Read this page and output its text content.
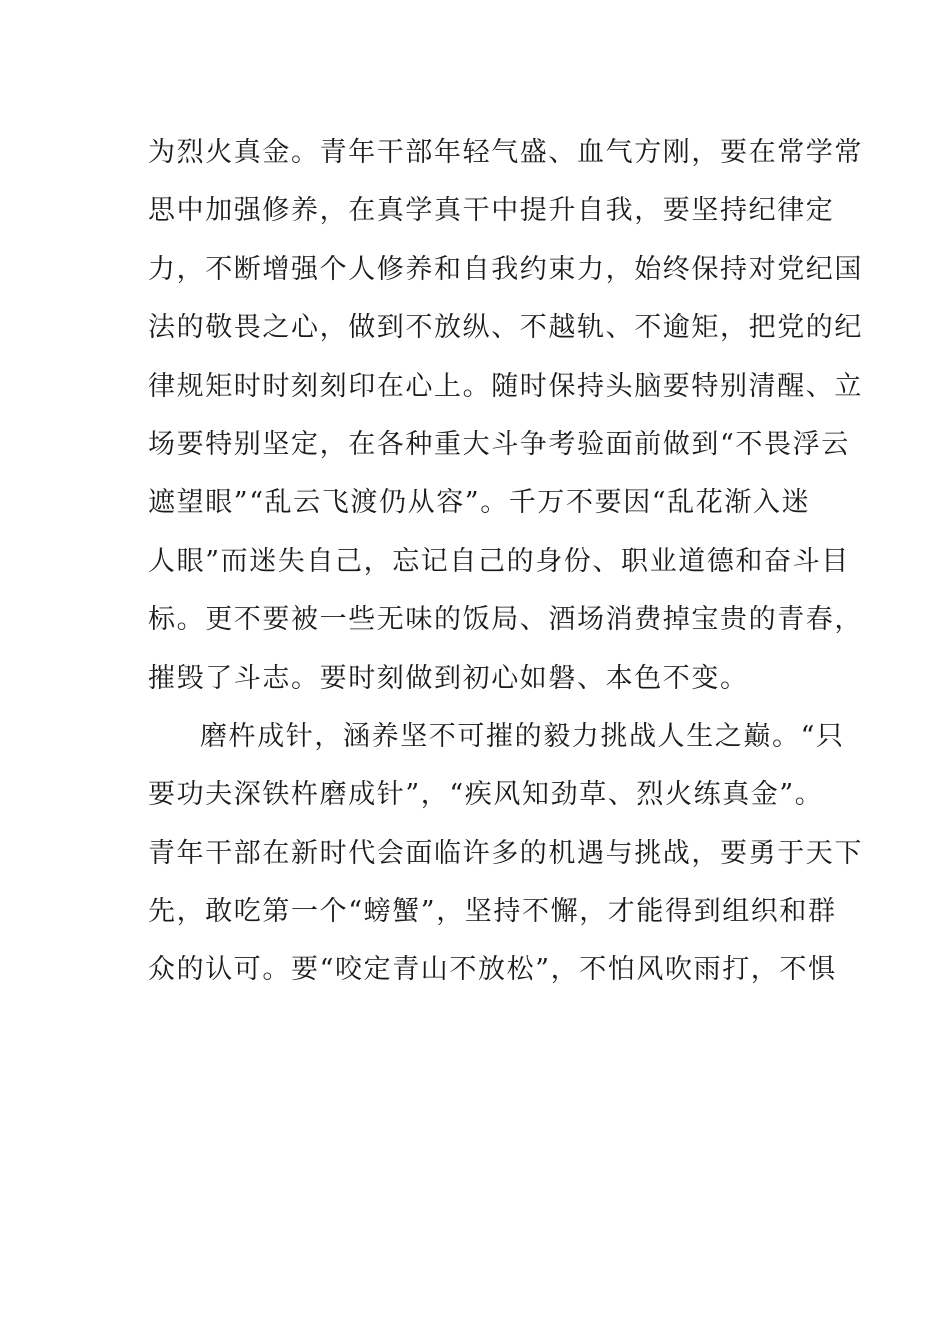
为烈火真金。青年干部年轻气盛、血气方刚，要在常学常
思中加强修养，在真学真干中提升自我，要坚持纪律定
力，不断增强个人修养和自我约束力，始终保持对党纪国
法的敬畏之心，做到不放纵、不越轨、不逾矩，把党的纪
律规矩时时刻刻印在心上。随时保持头脑要特别清醒、立
场要特别坚定，在各种重大斗争考验面前做到“不畏浮云
遮望眼”“乱云飞渡仍从容”。千万不要因“乱花渐入迷
人眼”而迷失自己，忘记自己的身份、职业道德和奋斗目
标。更不要被一些无味的饭局、酒场消费掉宝贵的青春，
摧毁了斗志。要时刻做到初心如磐、本色不变。
磨杵成针，涵养坚不可摧的毅力挑战人生之巅。“只
要功夫深铁杵磨成针”，“疾风知劲草、烈火练真金”。
青年干部在新时代会面临许多的机遇与挑战，要勇于天下
先，敢吃第一个“螃蟹”，坚持不懈，才能得到组织和群
众的认可。要“咬定青山不放松”，不怕风吹雨打，不惧
